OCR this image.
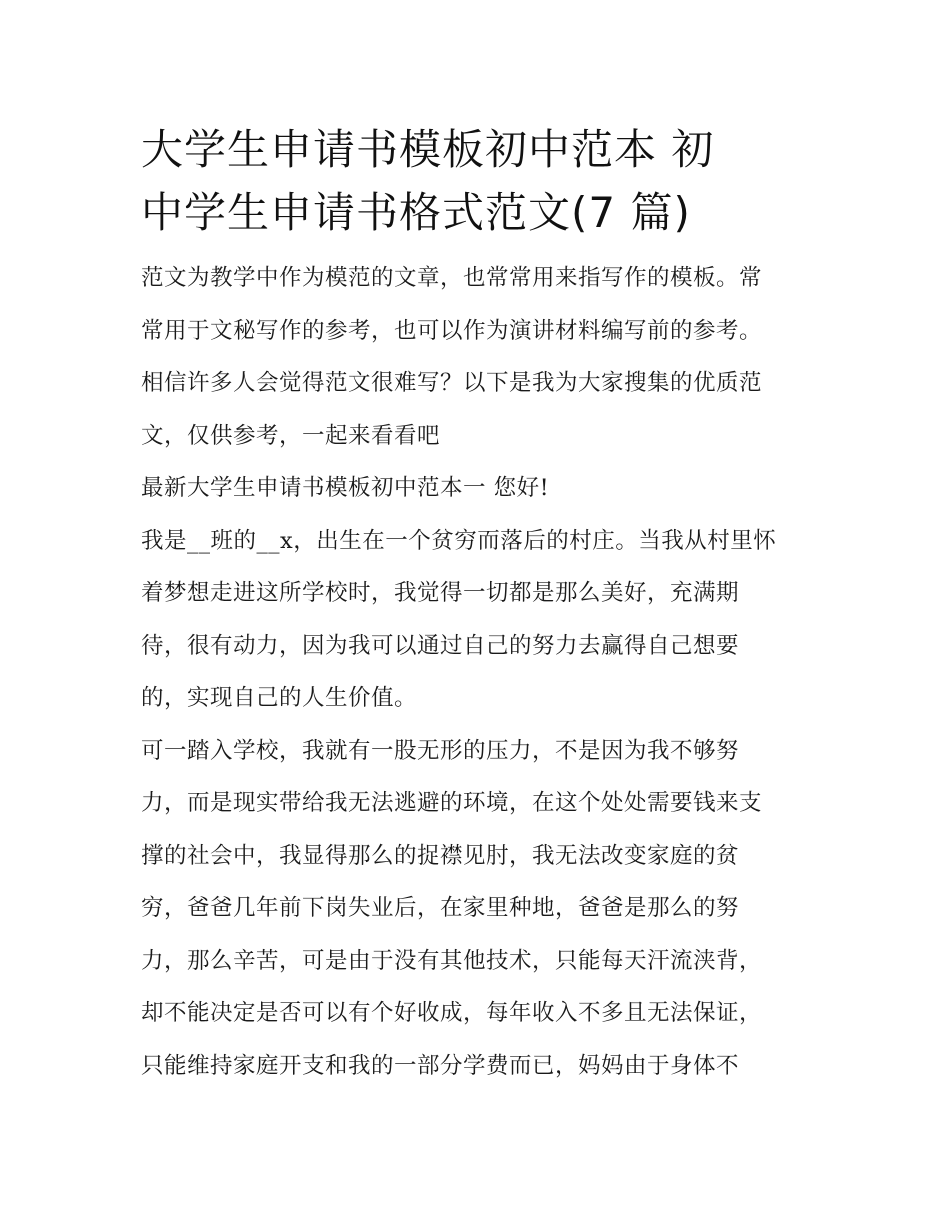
大学生申请书模板初中范本 初
中学生申请书格式范文(7 篇)

范文为教学中作为模范的文章，也常常用来指写作的模板。常
常用于文秘写作的参考，也可以作为演讲材料编写前的参考。
相信许多人会觉得范文很难写？以下是我为大家搜集的优质范
文，仅供参考，一起来看看吧

最新大学生申请书模板初中范本一 您好!

我是__班的__x，出生在一个贫穷而落后的村庄。当我从村里怀
着梦想走进这所学校时，我觉得一切都是那么美好，充满期
待，很有动力，因为我可以通过自己的努力去赢得自己想要
的，实现自己的人生价值。

可一踏入学校，我就有一股无形的压力，不是因为我不够努
力，而是现实带给我无法逃避的环境，在这个处处需要钱来支
撑的社会中，我显得那么的捉襟见肘，我无法改变家庭的贫
穷，爸爸几年前下岗失业后，在家里种地，爸爸是那么的努
力，那么辛苦，可是由于没有其他技术，只能每天汗流浃背，
却不能决定是否可以有个好收成，每年收入不多且无法保证，
只能维持家庭开支和我的一部分学费而已，妈妈由于身体不
